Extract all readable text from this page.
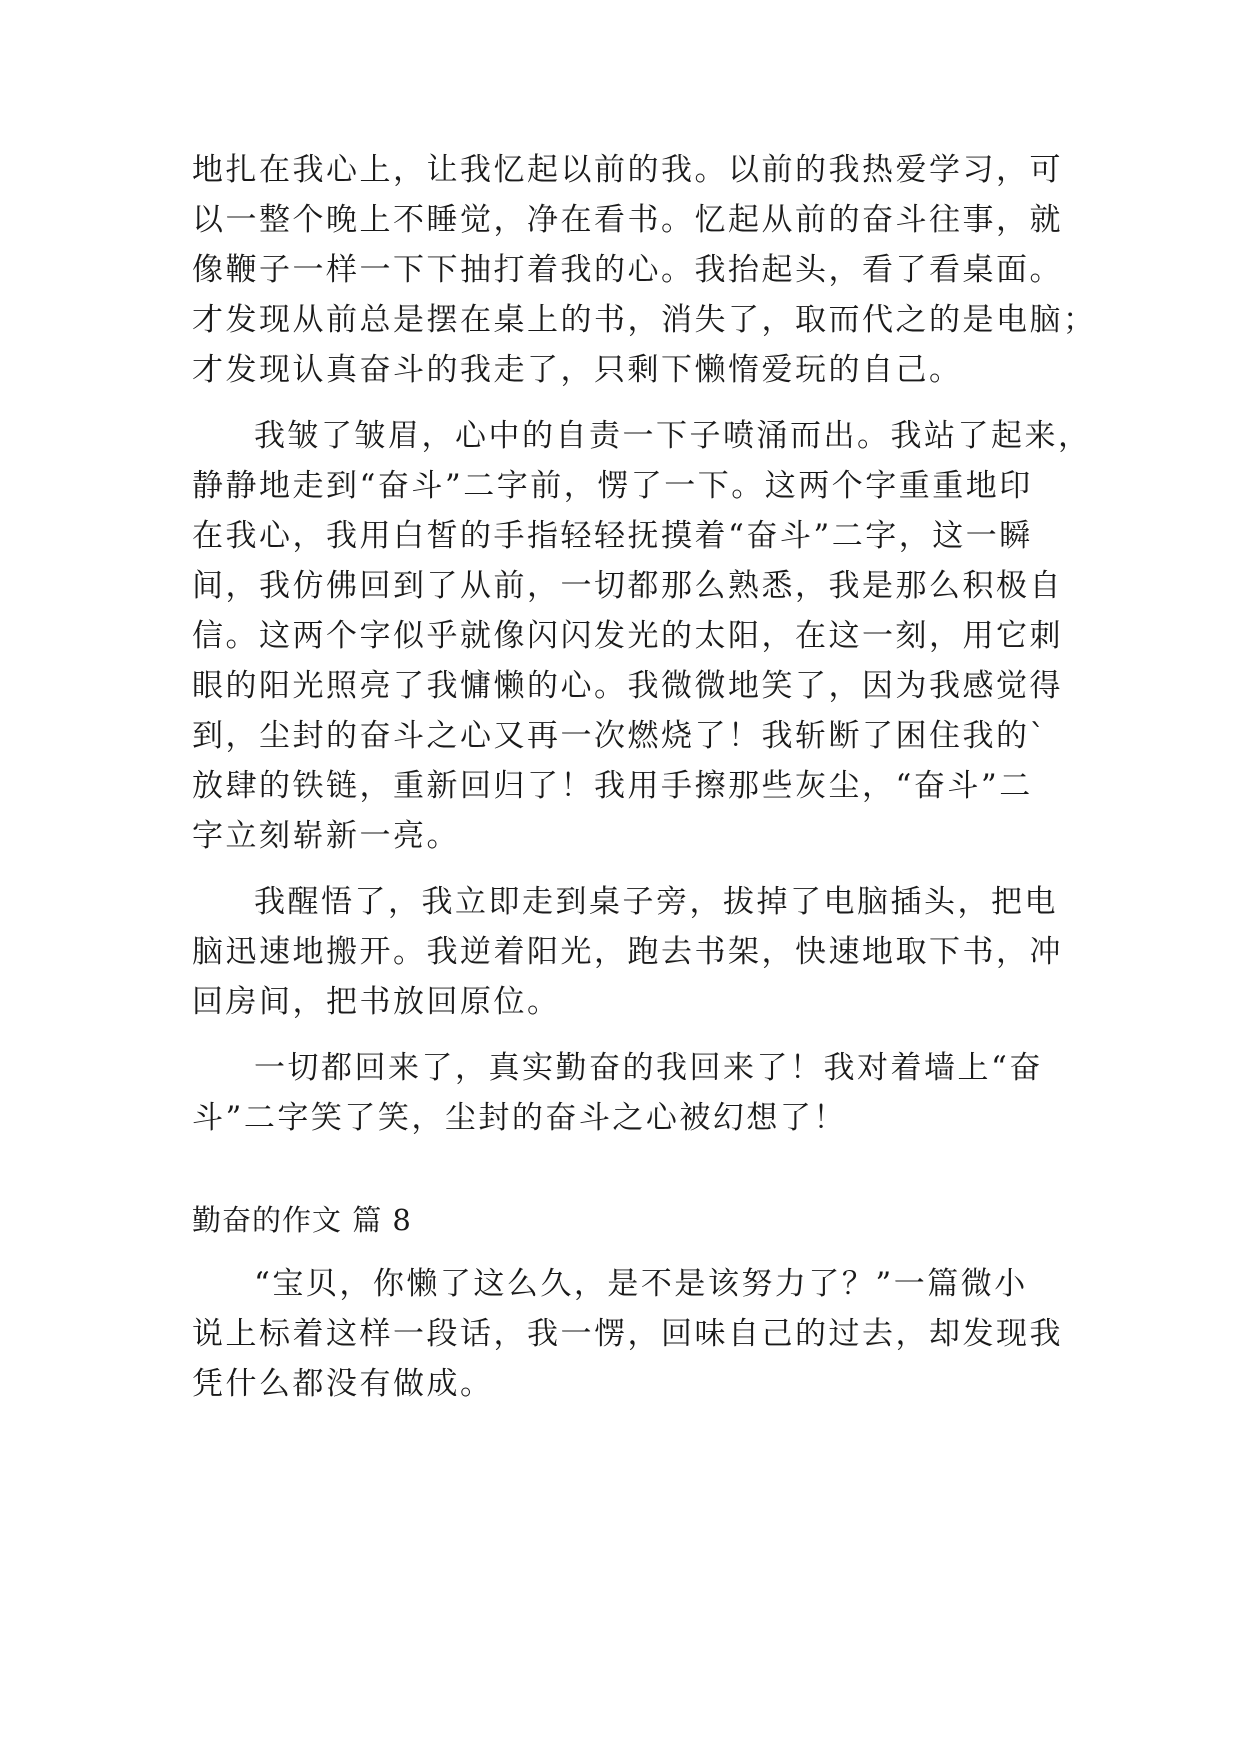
地扎在我心上，让我忆起以前的我。以前的我热爱学习，可
以一整个晚上不睡觉，净在看书。忆起从前的奋斗往事，就
像鞭子一样一下下抽打着我的心。我抬起头，看了看桌面。
才发现从前总是摆在桌上的书，消失了，取而代之的是电脑；
才发现认真奋斗的我走了，只剩下懒惰爱玩的自己。
我皱了皱眉，心中的自责一下子喷涌而出。我站了起来，
静静地走到“奋斗”二字前，愣了一下。这两个字重重地印
在我心，我用白皙的手指轻轻抚摸着“奋斗”二字，这一瞬
间，我仿佛回到了从前，一切都那么熟悉，我是那么积极自
信。这两个字似乎就像闪闪发光的太阳，在这一刻，用它刺
眼的阳光照亮了我慵懒的心。我微微地笑了，因为我感觉得
到，尘封的奋斗之心又再一次燃烧了！我斩断了困住我的`
放肆的铁链，重新回归了！我用手擦那些灰尘，“奋斗”二
字立刻崭新一亮。
我醒悟了，我立即走到桌子旁，拔掉了电脑插头，把电
脑迅速地搬开。我逆着阳光，跑去书架，快速地取下书，冲
回房间，把书放回原位。
一切都回来了，真实勤奋的我回来了！我对着墙上“奋
斗”二字笑了笑，尘封的奋斗之心被幻想了！
勤奋的作文 篇 8
“宝贝，你懒了这么久，是不是该努力了？”一篇微小
说上标着这样一段话，我一愣，回味自己的过去，却发现我
凭什么都没有做成。
